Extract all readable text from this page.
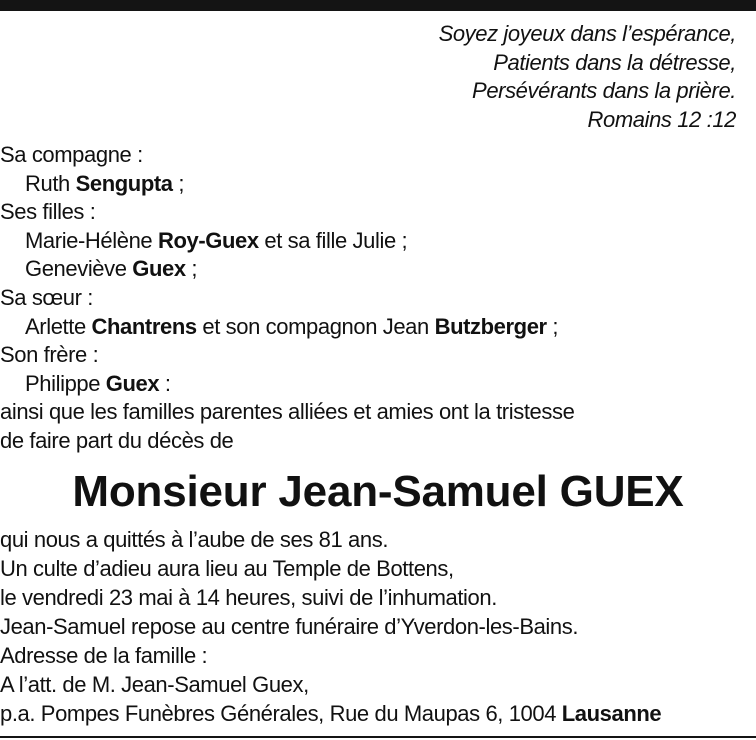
Soyez joyeux dans l’espérance,
Patients dans la détresse,
Persévérants dans la prière.
Romains 12 :12
Sa compagne :
Ruth Sengupta ;
Ses filles :
Marie-Hélène Roy-Guex et sa fille Julie ;
Geneviève Guex ;
Sa sœur :
Arlette Chantrens et son compagnon Jean Butzberger ;
Son frère :
Philippe Guex :
ainsi que les familles parentes alliées et amies ont la tristesse
de faire part du décès de
Monsieur Jean-Samuel GUEX
qui nous a quittés à l’aube de ses 81 ans.
Un culte d’adieu aura lieu au Temple de Bottens,
le vendredi 23 mai à 14 heures, suivi de l’inhumation.
Jean-Samuel repose au centre funéraire d’Yverdon-les-Bains.
Adresse de la famille :
A l’att. de M. Jean-Samuel Guex,
p.a. Pompes Funèbres Générales, Rue du Maupas 6, 1004 Lausanne
